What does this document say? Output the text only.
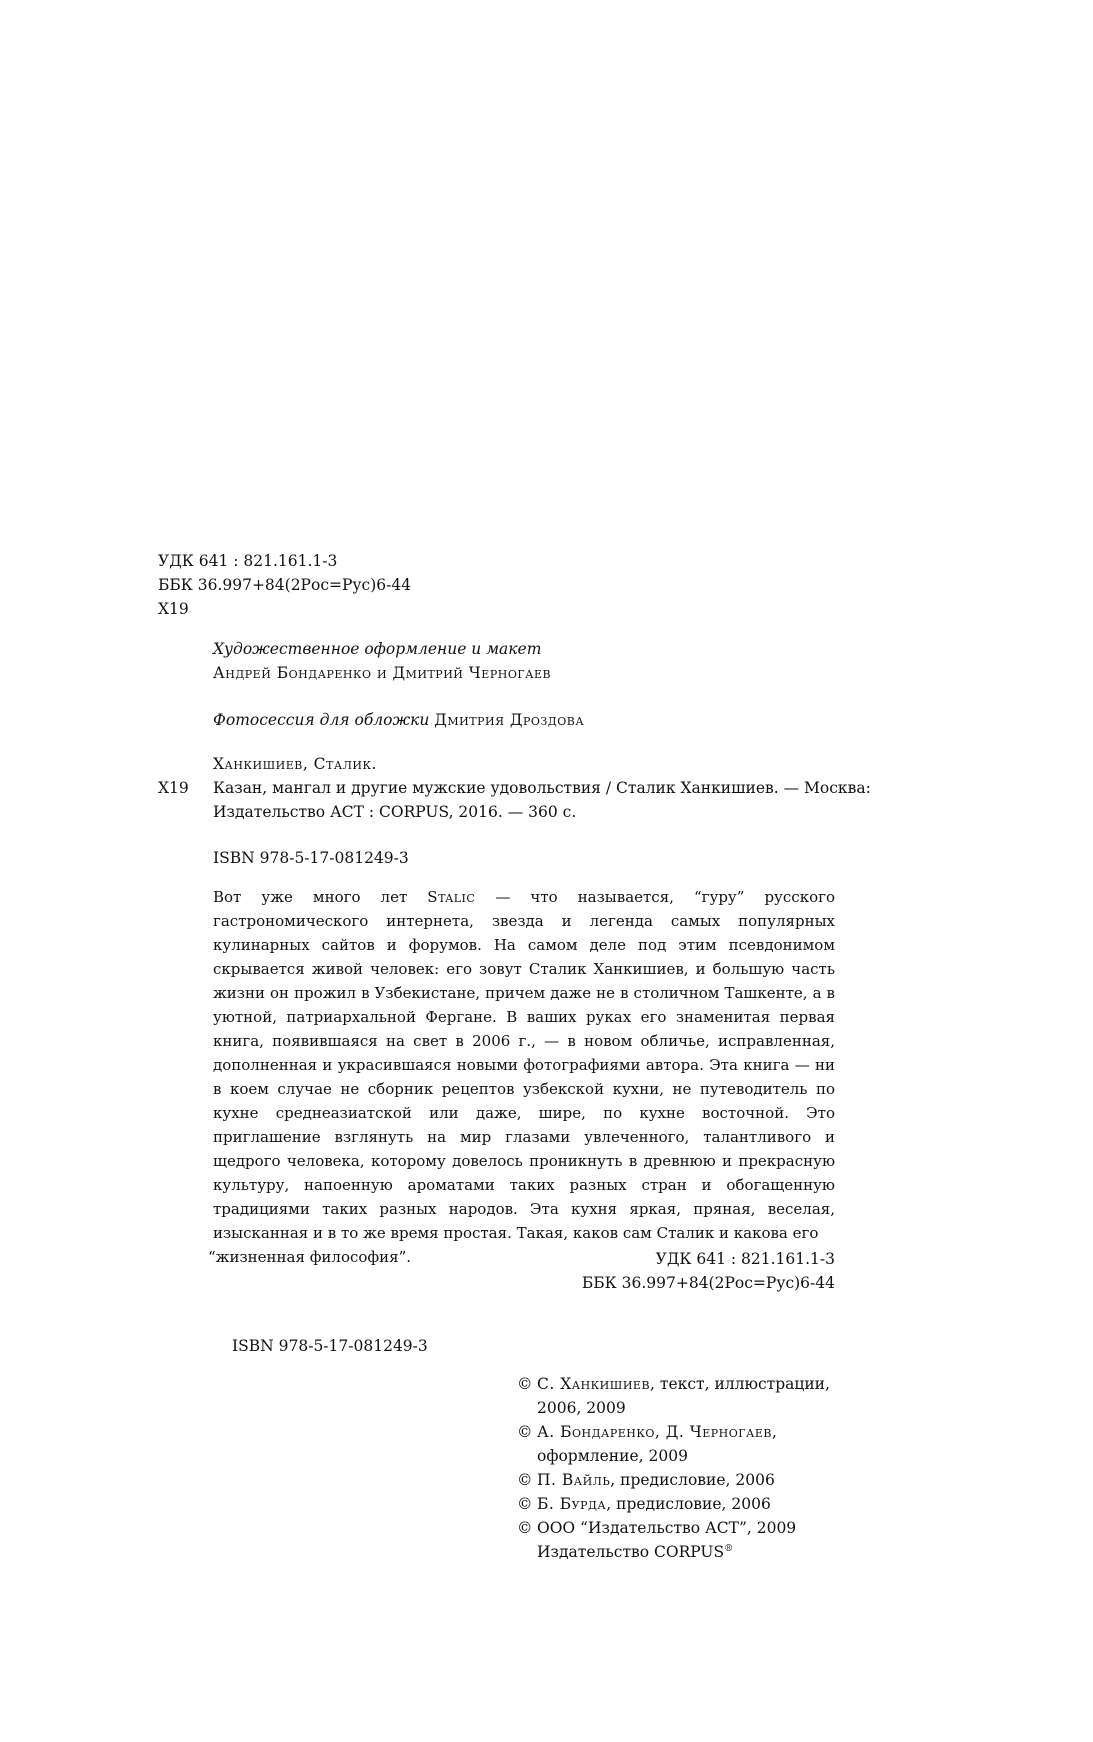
УДК 641 : 821.161.1-3
ББК 36.997+84(2Рос=Рус)6-44
Х19
Художественное оформление и макет
Андрей Бондаренко и Дмитрий Черногаев
Фотосессия для обложки Дмитрия Дроздова
Ханкишиев, Сталик.
Х19 Казан, мангал и другие мужские удовольствия / Сталик Ханкишиев. — Москва:
Издательство АСТ : CORPUS, 2016. — 360 с.
ISBN 978-5-17-081249-3
Вот уже много лет Stalic — что называется, “гуру” русского гастрономического интернета, звезда и легенда самых популярных кулинарных сайтов и форумов. На самом деле под этим псевдонимом скрывается живой человек: его зовут Сталик Ханкишиев, и большую часть жизни он прожил в Узбекистане, причем даже не в столичном Ташкенте, а в уютной, патриархальной Фергане. В ваших руках его знаменитая первая книга, появившаяся на свет в 2006 г., — в новом обличье, исправленная, дополненная и украсившаяся новыми фотографиями автора. Эта книга — ни в коем случае не сборник рецептов узбекской кухни, не путеводитель по кухне среднеазиатской или даже, шире, по кухне восточной. Это приглашение взглянуть на мир глазами увлеченного, талантливого и щедрого человека, которому довелось проникнуть в древнюю и прекрасную культуру, напоенную ароматами таких разных стран и обогащенную традициями таких разных народов. Эта кухня яркая, пряная, веселая, изысканная и в то же время простая. Такая, каков сам Сталик и какова его
“жизненная философия”.	УДК 641 : 821.161.1-3
ББК 36.997+84(2Рос=Рус)6-44
ISBN 978-5-17-081249-3
© С. Ханкишиев, текст, иллюстрации, 2006, 2009
© А. Бондаренко, Д. Черногаев, оформление, 2009
© П. Вайль, предисловие, 2006
© Б. Бурда, предисловие, 2006
© ООО “Издательство АСТ”, 2009
Издательство CORPUS®
